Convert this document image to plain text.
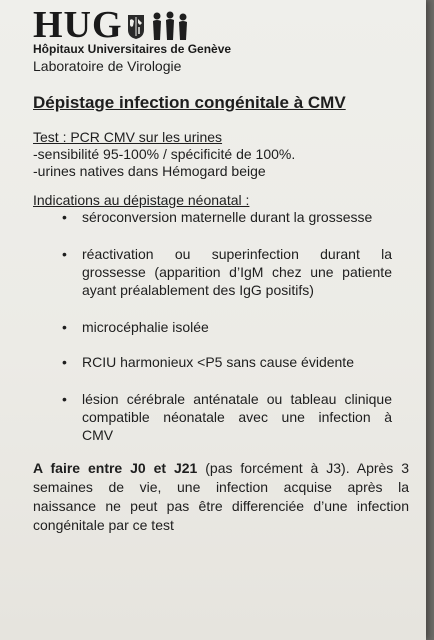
HUG
Hôpitaux Universitaires de Genève
Laboratoire de Virologie
Dépistage infection congénitale à CMV
Test : PCR CMV sur les urines
-sensibilité 95-100% / spécificité de 100%.
-urines natives dans Hémogard beige
Indications au dépistage néonatal :
• séroconversion maternelle durant la grossesse
• réactivation ou superinfection durant la
grossesse (apparition d’IgM chez une patiente
ayant préalablement des IgG positifs)
• microcéphalie isolée
• RCIU harmonieux <P5 sans cause évidente
• lésion cérébrale anténatale ou tableau clinique
compatible néonatale avec une infection à
CMV
A faire entre J0 et J21 (pas forcément à J3). Après 3
semaines de vie, une infection acquise après la
naissance ne peut pas être differenciée d’une infection
congénitale par ce test
